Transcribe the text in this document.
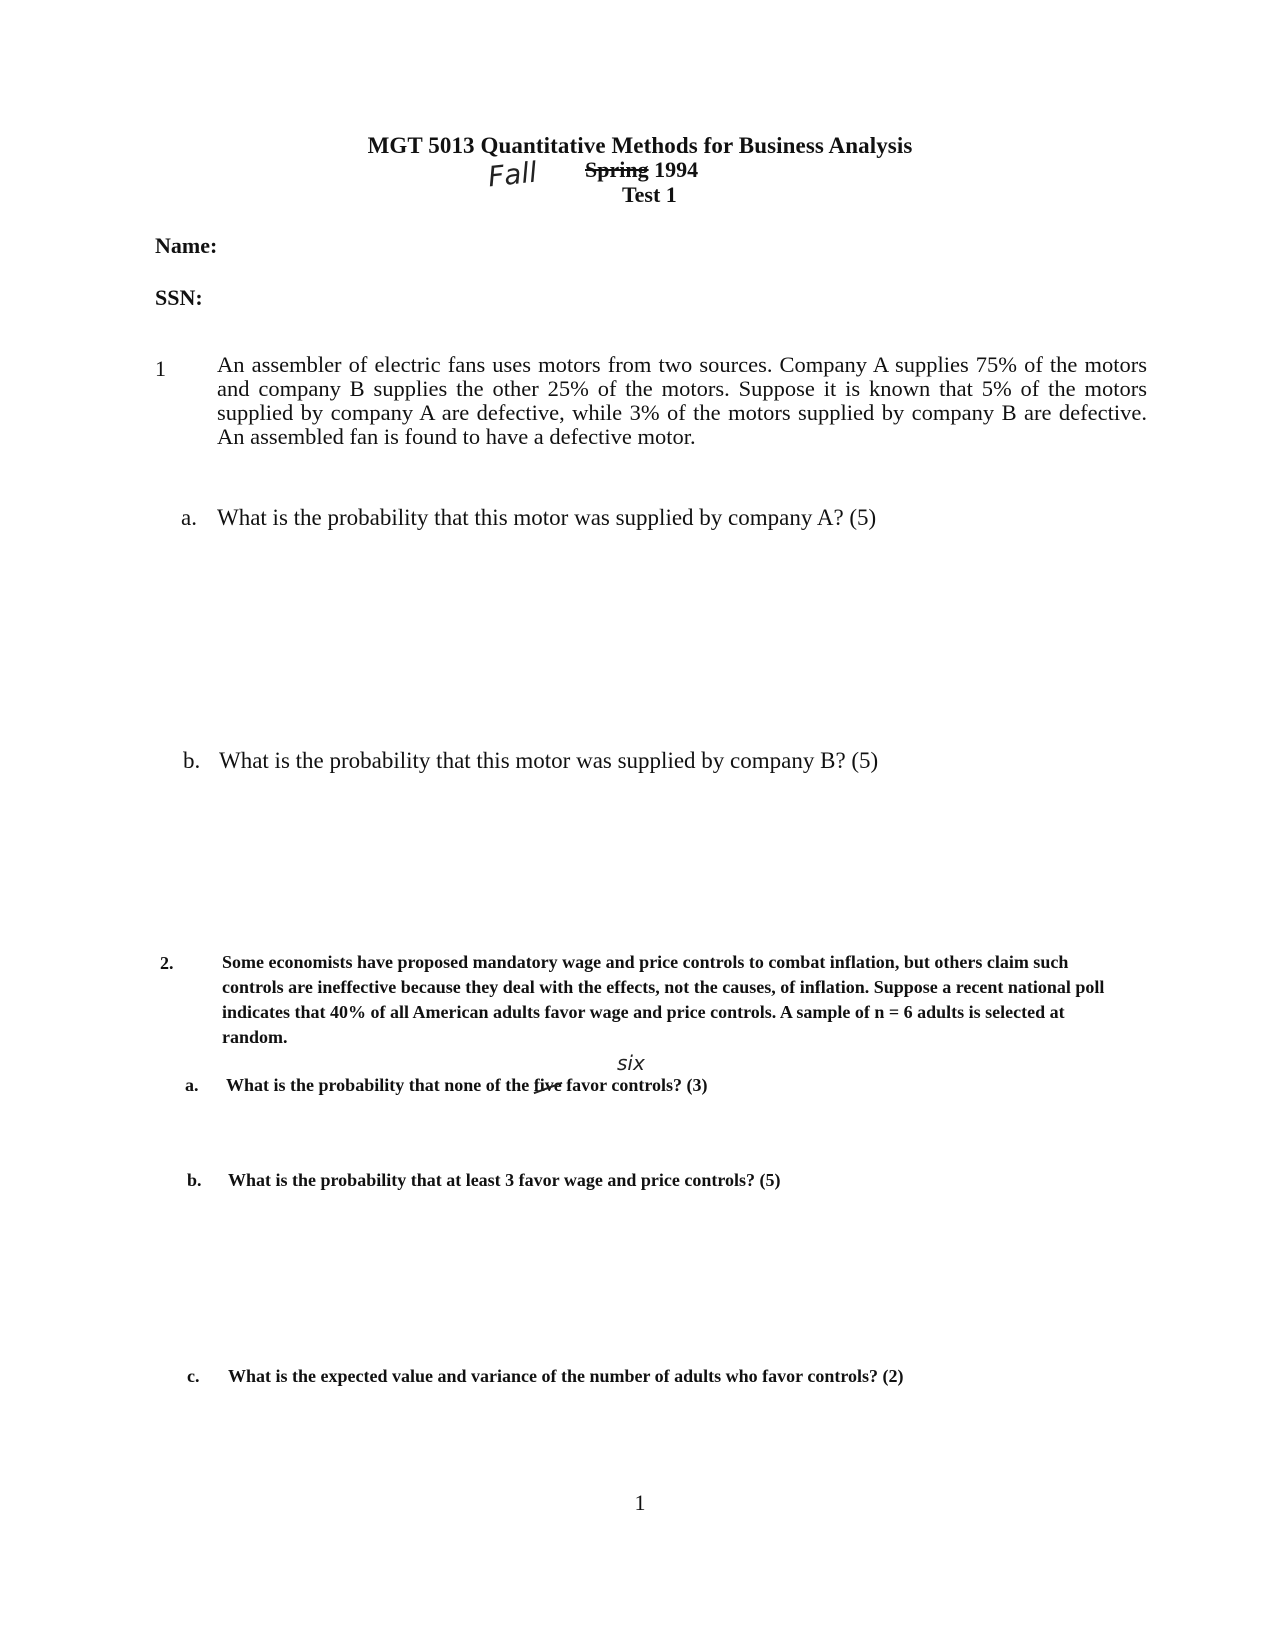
MGT 5013 Quantitative Methods for Business Analysis
Fall Spring 1994
Test 1
Name:
SSN:
1 An assembler of electric fans uses motors from two sources. Company A supplies 75% of the motors and company B supplies the other 25% of the motors. Suppose it is known that 5% of the motors supplied by company A are defective, while 3% of the motors supplied by company B are defective. An assembled fan is found to have a defective motor.
a. What is the probability that this motor was supplied by company A? (5)
b. What is the probability that this motor was supplied by company B? (5)
2.	Some economists have proposed mandatory wage and price controls to combat inflation, but others claim such controls are ineffective because they deal with the effects, not the causes, of inflation. Suppose a recent national poll indicates that 40% of all American adults favor wage and price controls. A sample of n = 6 adults is selected at random.
six
a. What is the probability that none of the five favor controls? (3)
b. What is the probability that at least 3 favor wage and price controls? (5)
c. What is the expected value and variance of the number of adults who favor controls? (2)
1
